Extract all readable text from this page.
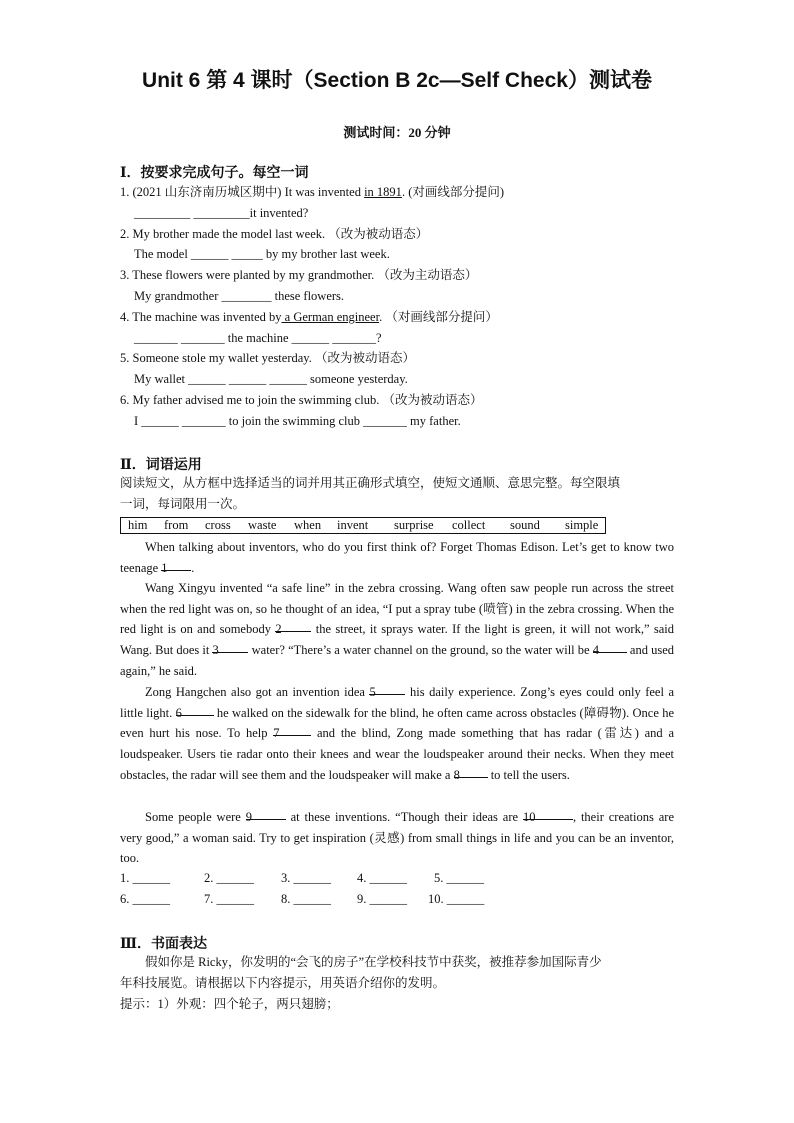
Unit 6 第 4 课时（Section B 2c—Self Check）测试卷
测试时间：20 分钟
Ⅰ．按要求完成句子。每空一词
1. (2021 山东济南历城区期中) It was invented in 1891. (对画线部分提问)
_________ _________it invented?
2. My brother made the model last week. （改为被动语态）
The model ______ _____ by my brother last week.
3. These flowers were planted by my grandmother. （改为主动语态）
My grandmother ________ these flowers.
4. The machine was invented by a German engineer. （对画线部分提问）
_______ _______ the machine ______ _______?
5. Someone stole my wallet yesterday. （改为被动语态）
My wallet ______ ______ ______ someone yesterday.
6. My father advised me to join the swimming club. （改为被动语态）
I ______ _______ to join the swimming club _______ my father.
Ⅱ．词语运用
阅读短文，从方框中选择适当的词并用其正确形式填空，使短文通顺、意思完整。每空限填
一词，每词限用一次。
him from cross waste when invent surprise collect sound simple
When talking about inventors, who do you first think of? Forget Thomas Edison. Let’s get to know two teenage 1 .
Wang Xingyu invented “a safe line” in the zebra crossing. Wang often saw people run across the street when the red light was on, so he thought of an idea, “I put a spray tube (喷管) in the zebra crossing. When the red light is on and somebody 2 the street, it sprays water. If the light is green, it will not work,” said Wang. But does it 3 water? “There’s a water channel on the ground, so the water will be 4 and used again,” he said.
Zong Hangchen also got an invention idea 5 his daily experience. Zong’s eyes could only feel a little light. 6	he walked on the sidewalk for the blind, he often came across obstacles (障碍物). Once he even hurt his nose. To help 7	and the blind, Zong made something that has radar (雷达) and a loudspeaker. Users tie radar onto their knees and wear the loudspeaker around their necks. When they meet obstacles, the radar will see them and the loudspeaker will make a 8 to tell the users.
Some people were 9	at these inventions. “Though their ideas are 10	, their creations are very good,” a woman said. Try to get inspiration (灵感) from small things in life and you can be an inventor, too.
1. ______	2. ______ 3. ______ 4. ______ 5. ______
6. ______	7. ______ 8. ______ 9. ______ 10. ______
Ⅲ．书面表达
假如你是 Ricky，你发明的“会飞的房子”在学校科技节中获奖，被推荐参加国际青少
年科技展览。请根据以下内容提示，用英语介绍你的发明。
提示：1）外观：四个轮子，两只翅膀；
